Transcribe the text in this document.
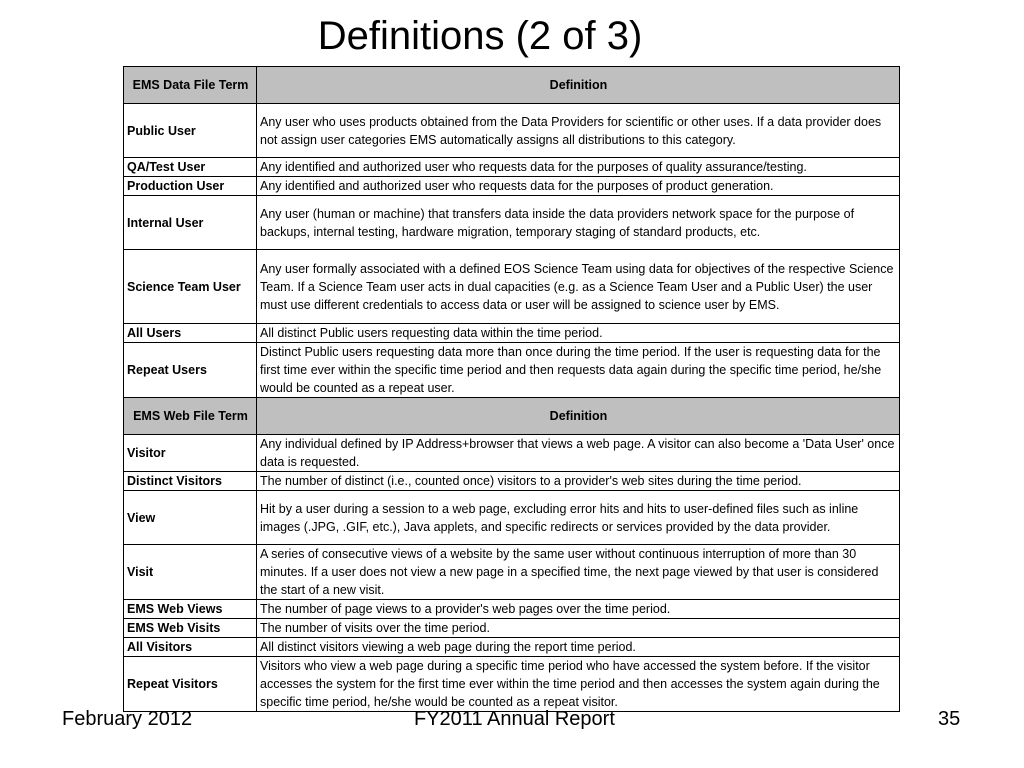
Definitions (2 of 3)
EMS Data File Term	Definition
Public User	Any user who uses products obtained from the Data Providers for scientific or other uses. If a data provider does not assign user categories EMS automatically assigns all distributions to this category.
QA/Test User	Any identified and authorized user who requests data for the purposes of quality assurance/testing.
Production User	Any identified and authorized user who requests data for the purposes of product generation.
Internal User	Any user (human or machine) that transfers data inside the data providers network space for the purpose of backups, internal testing, hardware migration, temporary staging of standard products, etc.
Science Team User	Any user formally associated with a defined EOS Science Team using data for objectives of the respective Science Team. If a Science Team user acts in dual capacities (e.g. as a Science Team User and a Public User) the user must use different credentials to access data or user will be assigned to science user by EMS.
All Users	All distinct Public users requesting data within the time period.
Repeat Users	Distinct Public users requesting data more than once during the time period. If the user is requesting data for the first time ever within the specific time period and then requests data again during the specific time period, he/she would be counted as a repeat user.
EMS Web File Term	Definition
Visitor	Any individual defined by IP Address+browser that views a web page. A visitor can also become a 'Data User' once data is requested.
Distinct Visitors	The number of distinct (i.e., counted once) visitors to a provider's web sites during the time period.
View	Hit by a user during a session to a web page, excluding error hits and hits to user-defined files such as inline images (.JPG, .GIF, etc.), Java applets, and specific redirects or services provided by the data provider.
Visit	A series of consecutive views of a website by the same user without continuous interruption of more than 30 minutes. If a user does not view a new page in a specified time, the next page viewed by that user is considered the start of a new visit.
EMS Web Views	The number of page views to a provider's web pages over the time period.
EMS Web Visits	The number of visits over the time period.
All Visitors	All distinct visitors viewing a web page during the report time period.
Repeat Visitors	Visitors who view a web page during a specific time period who have accessed the system before. If the visitor accesses the system for the first time ever within the time period and then accesses the system again during the specific time period, he/she would be counted as a repeat visitor.
February 2012	FY2011 Annual Report	35
